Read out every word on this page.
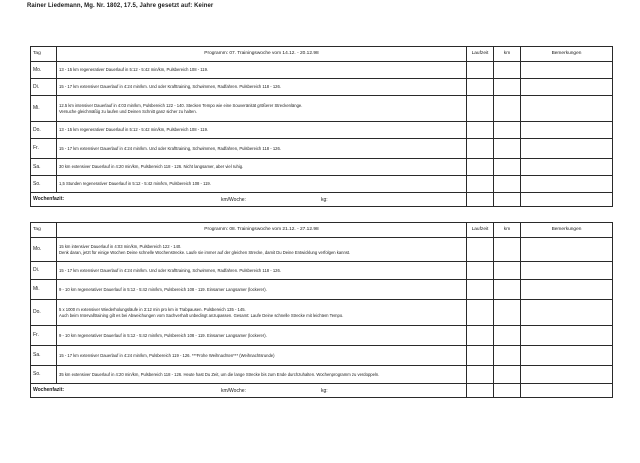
Rainer Liedemann, Mg. Nr. 1802, 17.5, Jahre gesetzt auf: Keiner
Tag	Programm: 07. Trainingswoche vom 14.12. - 20.12.98	Laufzeit	km	Bemerkungen
Mo.	13 - 15 km regenerativer Dauerlauf in 5:12 - 5:42 min/km, Pulsbereich 108 - 119.			

Di.	15 - 17 km extensiver Dauerlauf in 4:24 min/km. Und oder Krafttraining, Schwimmen, Radfahren. Pulsbereich 118 - 126.			

Mi.	12.5 km intensiver Dauerlauf in 4:03 min/km, Pulsbereich 122 - 140. Stecken Tempo wie eine Souveränität größerer Streckenlänge.
Versuche gleichmäßig zu laufen und Deinen Schnitt ganz sicher zu halten.			

Do.	13 - 15 km regenerativer Dauerlauf in 5:12 - 5:42 min/km, Pulsbereich 108 - 119.			

Fr.	15 - 17 km extensiver Dauerlauf in 4:24 min/km. Und oder Krafttraining, Schwimmen, Radfahren, Pulsbereich 118 - 126.			

Sa.	30 km extensiver Dauerlauf in 4:20 min/km, Pulsbereich 118 - 126. Nicht langsamer, aber viel ruhig.			

So.	1,5 Stunden regenerativer Dauerlauf in 5:12 - 5:42 min/km, Pulsbereich 108 - 119.			

Wochenfazit: km/Woche: kg:				

Tag	Programm: 08. Trainingswoche vom 21.12. - 27.12.98	Laufzeit	km	Bemerkungen
Mo.	15 km intensiver Dauerlauf in 4:03 min/km, Pulsbereich 122 - 140.
Denk daran, jetzt für einige Wochen Deine schnelle Wochenstrecke. Laufe sie immer auf der gleichen Strecke, damit Du Deine Entwicklung verfolgen kannst.			

Di.	15 - 17 km extensiver Dauerlauf in 4:24 min/km. Und oder Krafttraining, Schwimmen, Radfahren. Pulsbereich 118 - 126.			

Mi.	9 - 10 km regenerativer Dauerlauf in 5:12 - 5:42 min/km, Pulsbereich 108 - 119. Einsamer Langsamer (lockerer).			

Do.	5 x 1000 m extensiver Wiederholungsläufe in 3:12 min pro km in Trabpausen. Pulsbereich 135 - 145.
Auch beim Intervalltraining gilt es bei Abweichungen vom Sachverhalt unbedingt anzupassen. Gesamt: Laufe Deine schnelle Strecke mit leichtem Tempo.			

Fr.	9 - 10 km regenerativer Dauerlauf in 5:12 - 5:42 min/km, Pulsbereich 108 - 119. Einsamer Langsamer (lockerer).			

Sa.	15 - 17 km extensiver Dauerlauf in 4:24 min/km, Pulsbereich 119 - 126. ***Frohe Weihnachten*** (Weihnachtsrunde)			

So.	35 km extensiver Dauerlauf in 4:20 min/km, Pulsbereich 118 - 126. Heute hast Du Zeit, um die lange Strecke bis zum Ende durchzuhalten. Wochenprogramm zu verdoppeln.			

Wochenfazit: km/Woche: kg:				
